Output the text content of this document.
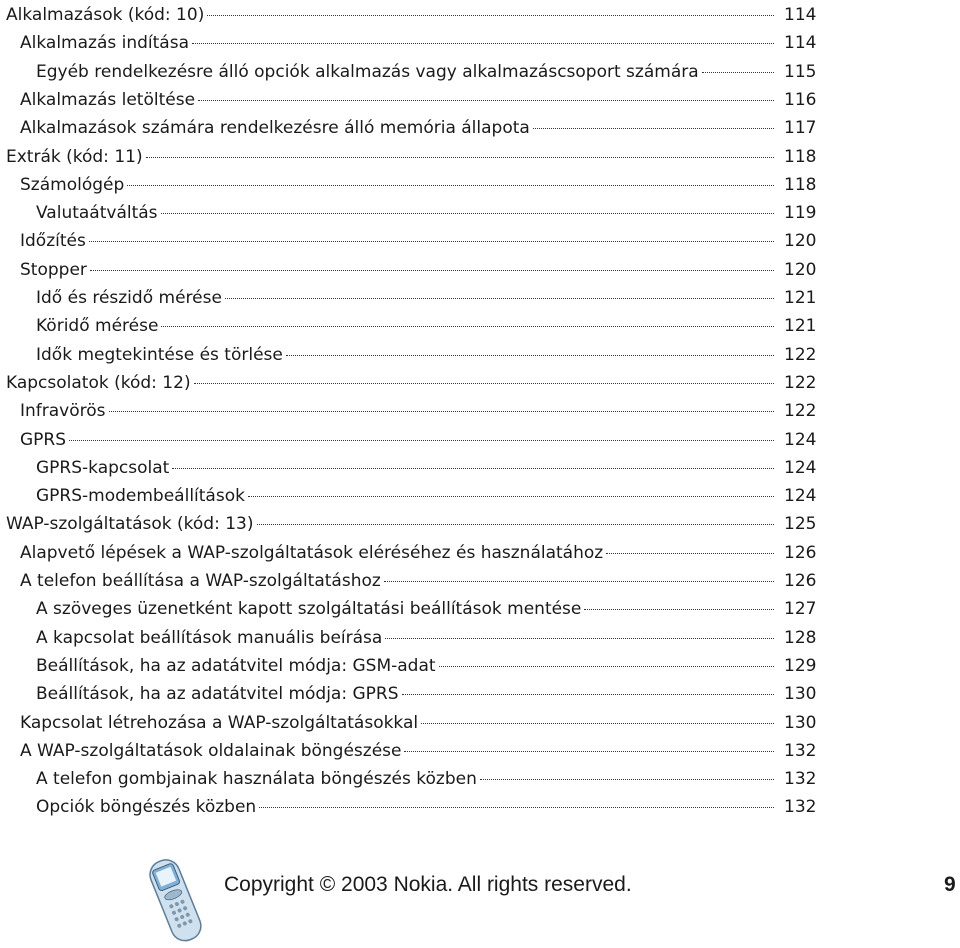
Alkalmazások (kód: 10)	114
Alkalmazás indítása	114
Egyéb rendelkezésre álló opciók alkalmazás vagy alkalmazáscsoport számára	115
Alkalmazás letöltése	116
Alkalmazások számára rendelkezésre álló memória állapota	117
Extrák (kód: 11)	118
Számológép	118
Valutaátváltás	119
Időzítés	120
Stopper	120
Idő és részidő mérése	121
Köridő mérése	121
Idők megtekintése és törlése	122
Kapcsolatok (kód: 12)	122
Infravörös	122
GPRS	124
GPRS-kapcsolat	124
GPRS-modembeállítások	124
WAP-szolgáltatások (kód: 13)	125
Alapvető lépések a WAP-szolgáltatások eléréséhez és használatához	126
A telefon beállítása a WAP-szolgáltatáshoz	126
A szöveges üzenetként kapott szolgáltatási beállítások mentése	127
A kapcsolat beállítások manuális beírása	128
Beállítások, ha az adatátvitel módja: GSM-adat	129
Beállítások, ha az adatátvitel módja: GPRS	130
Kapcsolat létrehozása a WAP-szolgáltatásokkal	130
A WAP-szolgáltatások oldalainak böngészése	132
A telefon gombjainak használata böngészés közben	132
Opciók böngészés közben	132
Copyright © 2003 Nokia. All rights reserved.	9
